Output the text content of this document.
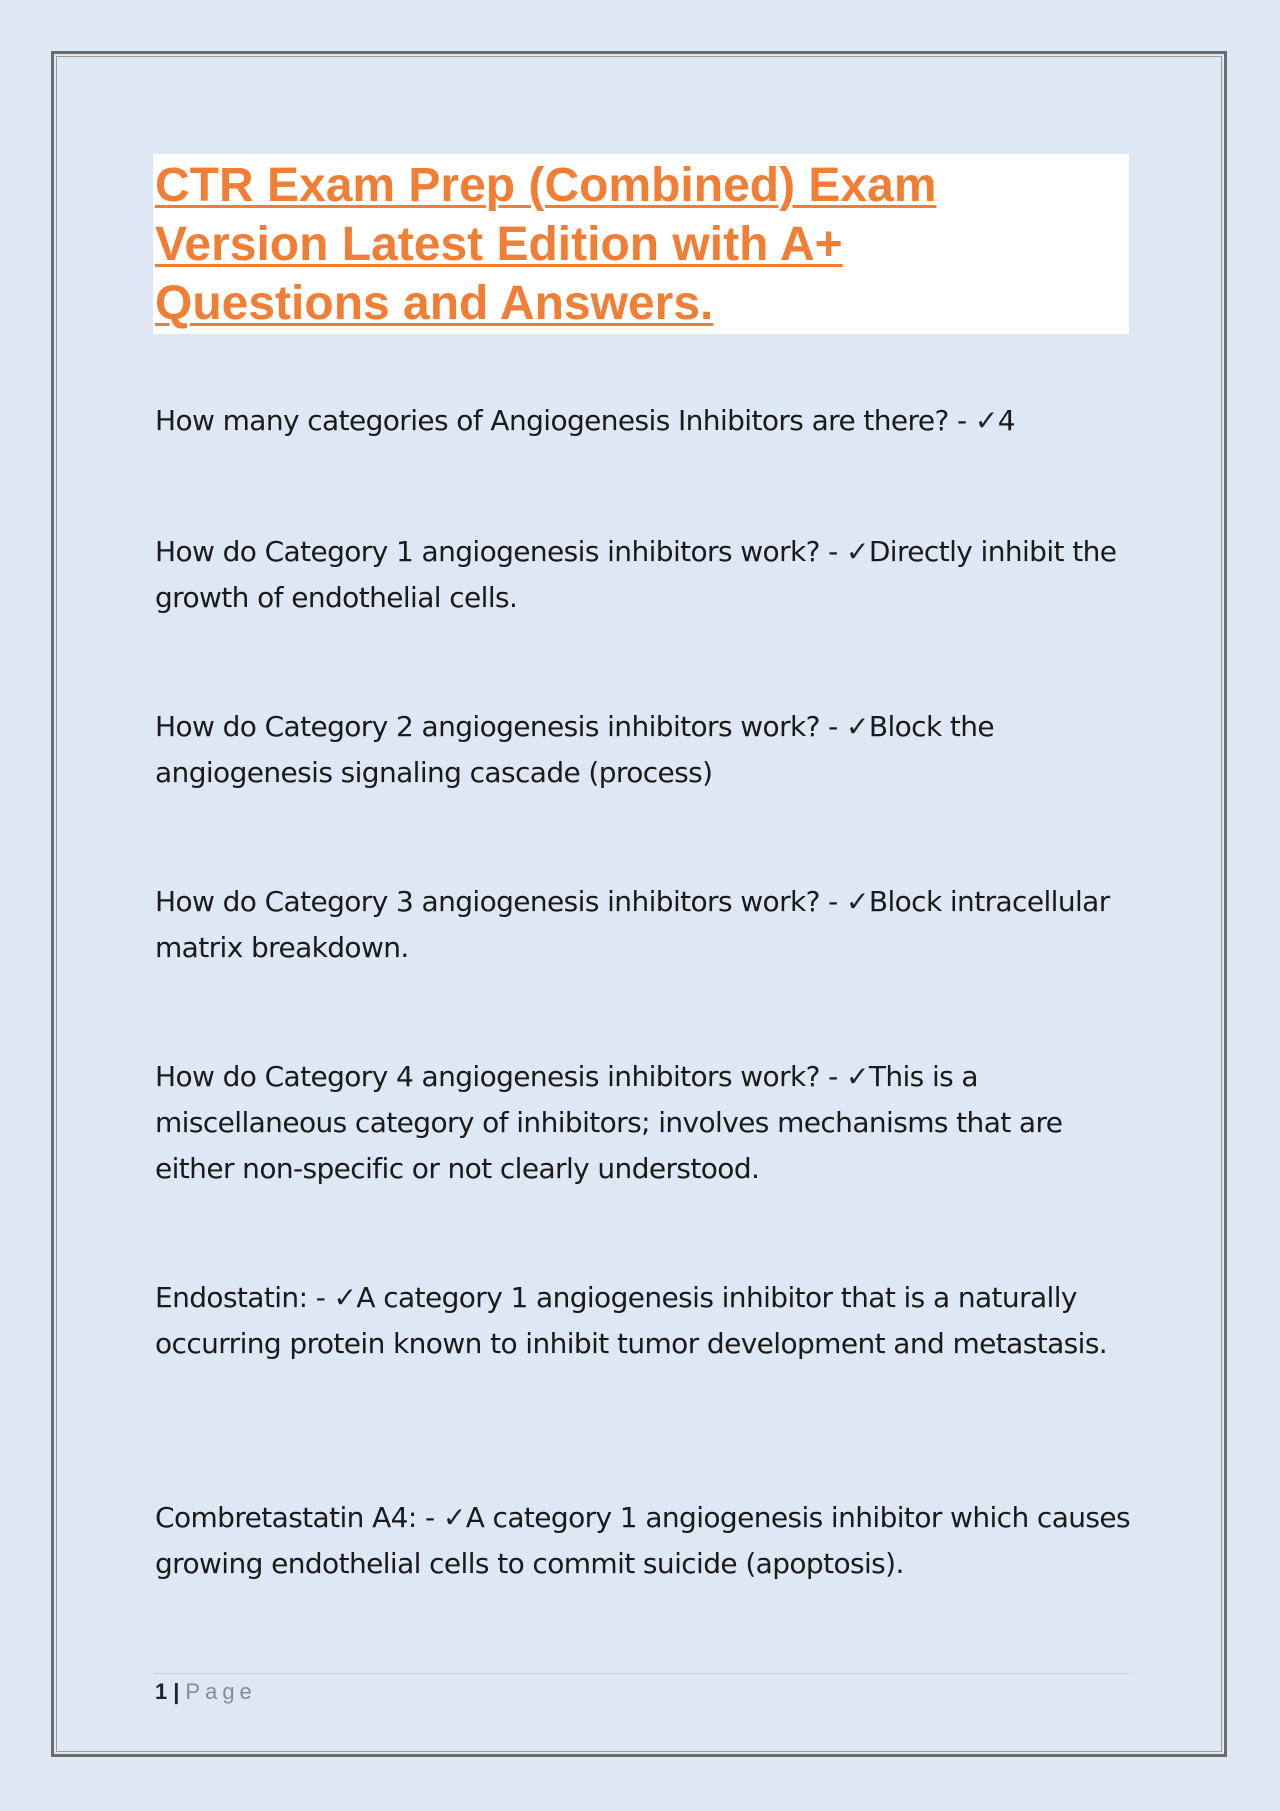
CTR Exam Prep (Combined) Exam Version Latest Edition with A+ Questions and Answers.

How many categories of Angiogenesis Inhibitors are there? - ✓4

How do Category 1 angiogenesis inhibitors work? - ✓Directly inhibit the growth of endothelial cells.

How do Category 2 angiogenesis inhibitors work? - ✓Block the angiogenesis signaling cascade (process)

How do Category 3 angiogenesis inhibitors work? - ✓Block intracellular matrix breakdown.

How do Category 4 angiogenesis inhibitors work? - ✓This is a miscellaneous category of inhibitors; involves mechanisms that are either non-specific or not clearly understood.

Endostatin: - ✓A category 1 angiogenesis inhibitor that is a naturally occurring protein known to inhibit tumor development and metastasis.

Combretastatin A4: - ✓A category 1 angiogenesis inhibitor which causes growing endothelial cells to commit suicide (apoptosis).

1 | Page
